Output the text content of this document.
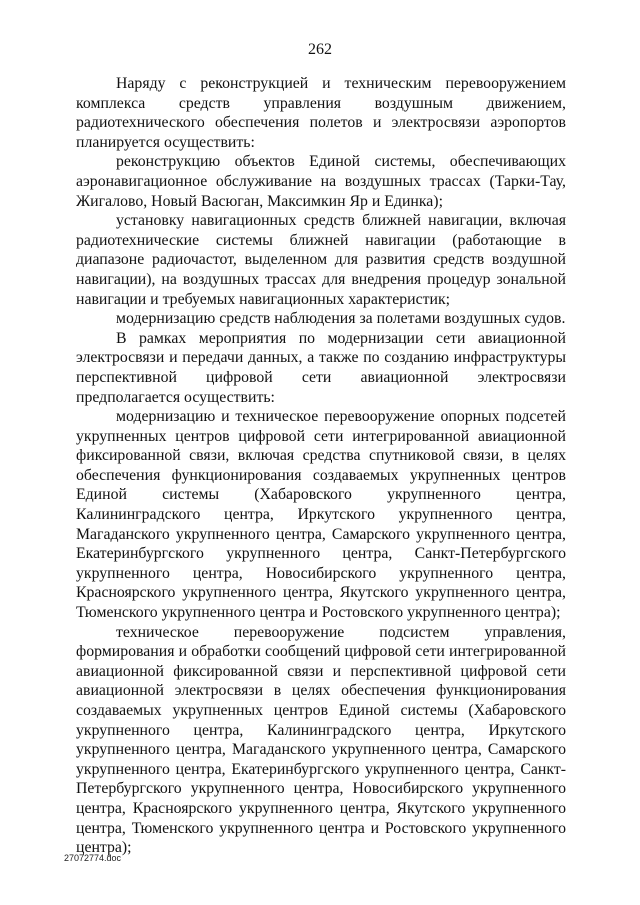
262

Наряду с реконструкцией и техническим перевооружением комплекса средств управления воздушным движением, радиотехнического обеспечения полетов и электросвязи аэропортов планируется осуществить:

реконструкцию объектов Единой системы, обеспечивающих аэронавигационное обслуживание на воздушных трассах (Тарки-Тау, Жигалово, Новый Васюган, Максимкин Яр и Единка);

установку навигационных средств ближней навигации, включая радиотехнические системы ближней навигации (работающие в диапазоне радиочастот, выделенном для развития средств воздушной навигации), на воздушных трассах для внедрения процедур зональной навигации и требуемых навигационных характеристик;

модернизацию средств наблюдения за полетами воздушных судов.

В рамках мероприятия по модернизации сети авиационной электросвязи и передачи данных, а также по созданию инфраструктуры перспективной цифровой сети авиационной электросвязи предполагается осуществить:

модернизацию и техническое перевооружение опорных подсетей укрупненных центров цифровой сети интегрированной авиационной фиксированной связи, включая средства спутниковой связи, в целях обеспечения функционирования создаваемых укрупненных центров Единой системы (Хабаровского укрупненного центра, Калининградского центра, Иркутского укрупненного центра, Магаданского укрупненного центра, Самарского укрупненного центра, Екатеринбургского укрупненного центра, Санкт-Петербургского укрупненного центра, Новосибирского укрупненного центра, Красноярского укрупненного центра, Якутского укрупненного центра, Тюменского укрупненного центра и Ростовского укрупненного центра);

техническое перевооружение подсистем управления, формирования и обработки сообщений цифровой сети интегрированной авиационной фиксированной связи и перспективной цифровой сети авиационной электросвязи в целях обеспечения функционирования создаваемых укрупненных центров Единой системы (Хабаровского укрупненного центра, Калининградского центра, Иркутского укрупненного центра, Магаданского укрупненного центра, Самарского укрупненного центра, Екатеринбургского укрупненного центра, Санкт-Петербургского укрупненного центра, Новосибирского укрупненного центра, Красноярского укрупненного центра, Якутского укрупненного центра, Тюменского укрупненного центра и Ростовского укрупненного центра);

27072774.doc
